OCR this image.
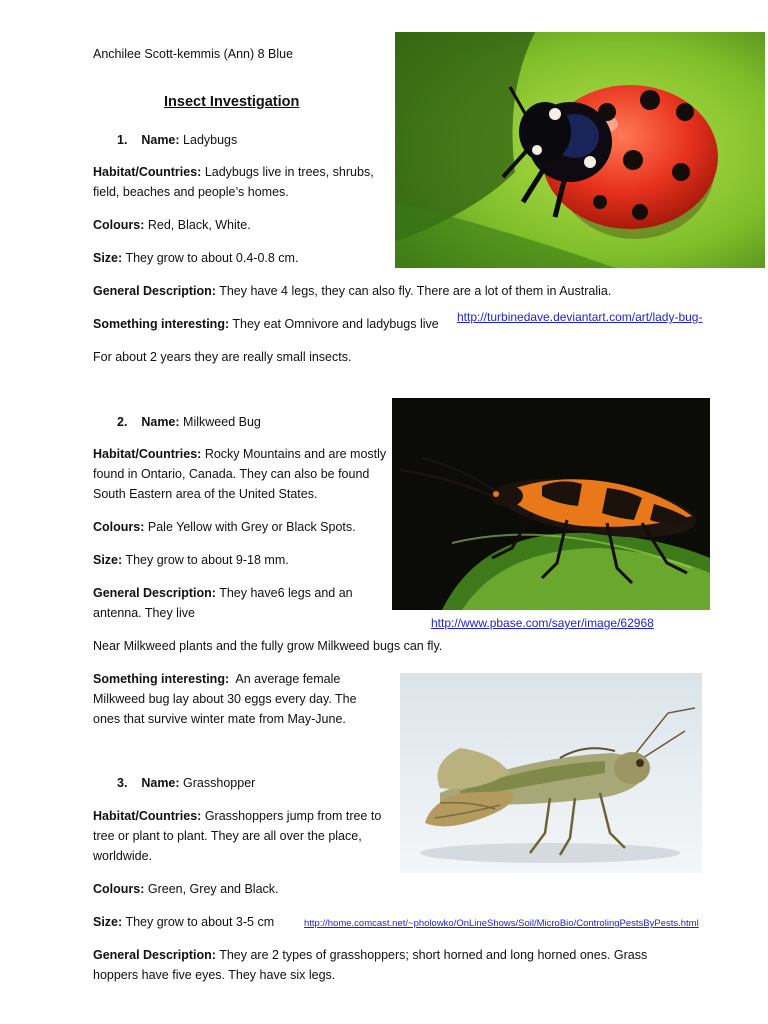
Anchilee Scott-kemmis (Ann) 8 Blue
Insect Investigation
1. Name: Ladybugs
Habitat/Countries: Ladybugs live in trees, shrubs, field, beaches and people’s homes.
Colours: Red, Black, White.
Size: They grow to about 0.4-0.8 cm.
General Description: They have 4 legs, they can also fly. There are a lot of them in Australia.
Something interesting: They eat Omnivore and ladybugs live http://turbinedave.deviantart.com/art/lady-bug-
For about 2 years they are really small insects.
2. Name: Milkweed Bug
Habitat/Countries: Rocky Mountains and are mostly found in Ontario, Canada. They can also be found South Eastern area of the United States.
Colours: Pale Yellow with Grey or Black Spots.
Size: They grow to about 9-18 mm.
General Description: They have6 legs and an antenna. They live
http://www.pbase.com/sayer/image/62968
Near Milkweed plants and the fully grow Milkweed bugs can fly.
Something interesting: An average female Milkweed bug lay about 30 eggs every day. The ones that survive winter mate from May-June.
3. Name: Grasshopper
Habitat/Countries: Grasshoppers jump from tree to tree or plant to plant. They are all over the place, worldwide.
Colours: Green, Grey and Black.
Size: They grow to about 3-5 cm	http://home.comcast.net/~pholowko/OnLineShows/Soil/MicroBio/ControlingPestsByPests.html
General Description: They are 2 types of grasshoppers; short horned and long horned ones. Grass hoppers have five eyes. They have six legs.
